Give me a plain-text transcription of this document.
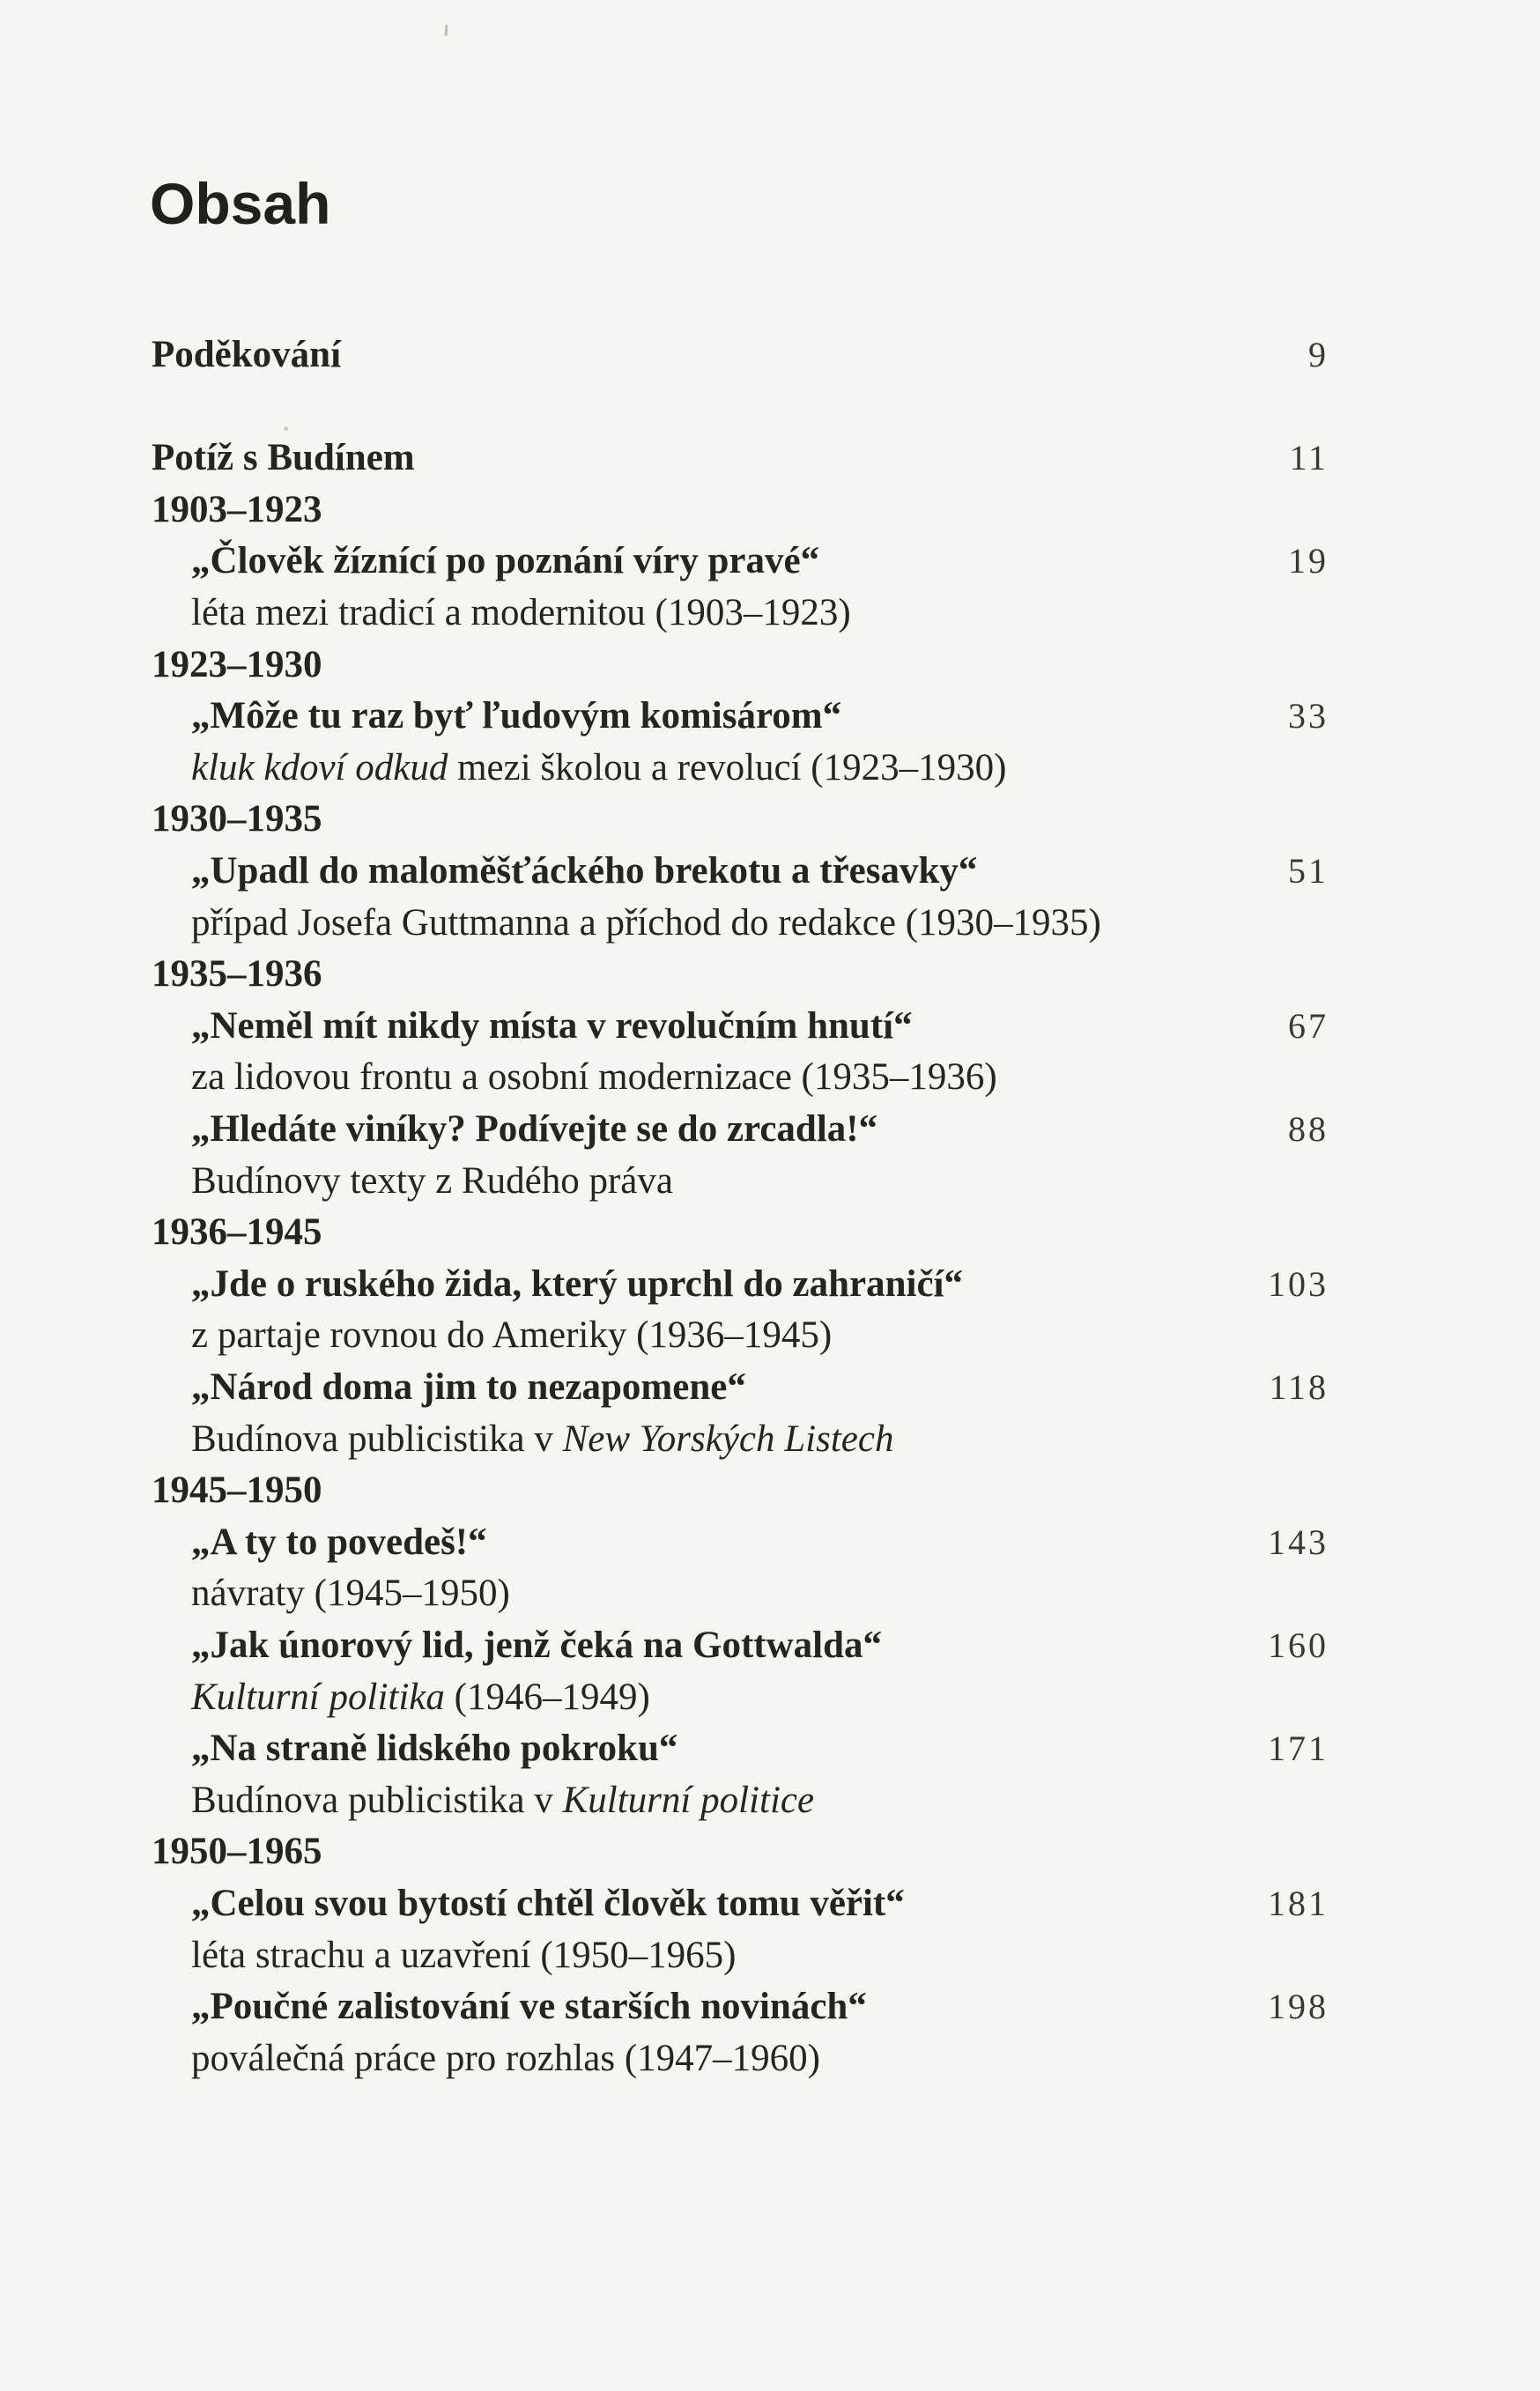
Obsah
Poděkování	9
Potíž s Budínem	11
1903–1923
„Člověk žíznící po poznání víry pravé“	19
léta mezi tradicí a modernitou (1903–1923)
1923–1930
„Môže tu raz byť ľudovým komisárom“	33
kluk kdoví odkud mezi školou a revolucí (1923–1930)
1930–1935
„Upadl do maloměšťáckého brekotu a třesavky“	51
případ Josefa Guttmanna a příchod do redakce (1930–1935)
1935–1936
„Neměl mít nikdy místa v revolučním hnutí“	67
za lidovou frontu a osobní modernizace (1935–1936)
„Hledáte viníky? Podívejte se do zrcadla!“	88
Budínovy texty z Rudého práva
1936–1945
„Jde o ruského žida, který uprchl do zahraničí“	103
z partaje rovnou do Ameriky (1936–1945)
„Národ doma jim to nezapomene“	118
Budínova publicistika v New Yorských Listech
1945–1950
„A ty to povedeš!“	143
návraty (1945–1950)
„Jak únorový lid, jenž čeká na Gottwalda“	160
Kulturní politika (1946–1949)
„Na straně lidského pokroku“	171
Budínova publicistika v Kulturní politice
1950–1965
„Celou svou bytostí chtěl člověk tomu věřit“	181
léta strachu a uzavření (1950–1965)
„Poučné zalistování ve starších novinách“	198
poválečná práce pro rozhlas (1947–1960)
